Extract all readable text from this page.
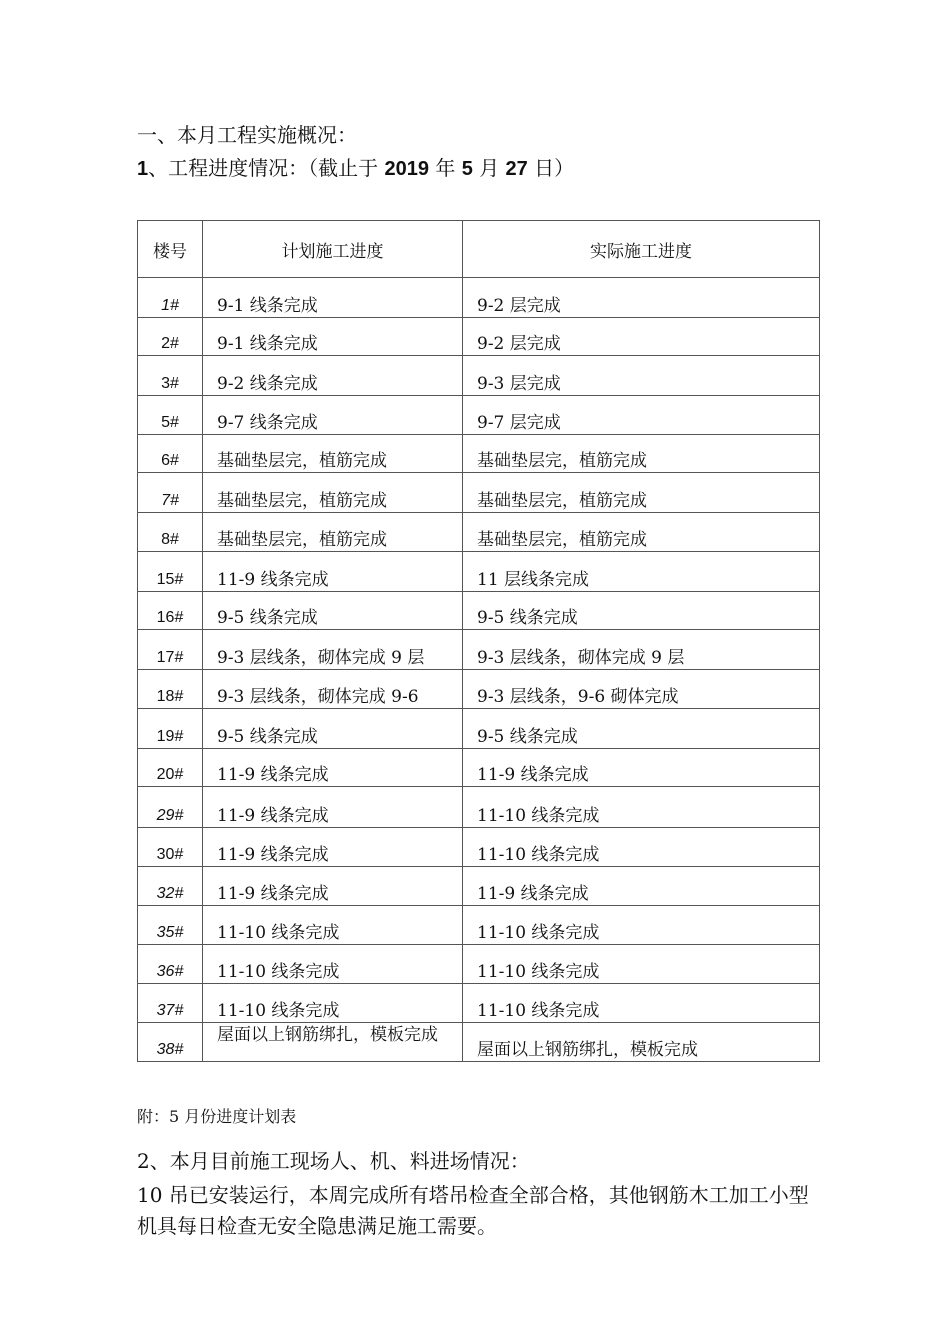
一、本月工程实施概况：
1、工程进度情况：（截止于 2019 年 5 月 27 日）
楼号	计划施工进度	实际施工进度

1#	9-1 线条完成	9-2 层完成

2#	9-1 线条完成	9-2 层完成

3#	9-2 线条完成	9-3 层完成

5#	9-7 线条完成	9-7 层完成

6#	基础垫层完，植筋完成	基础垫层完，植筋完成

7#	基础垫层完，植筋完成	基础垫层完，植筋完成

8#	基础垫层完，植筋完成	基础垫层完，植筋完成

15#	11-9 线条完成	11 层线条完成

16#	9-5 线条完成	9-5 线条完成

17#	9-3 层线条，砌体完成 9 层	9-3 层线条，砌体完成 9 层

18#	9-3 层线条，砌体完成 9-6	9-3 层线条，9-6 砌体完成

19#	9-5 线条完成	9-5 线条完成

20#	11-9 线条完成	11-9 线条完成

29#	11-9 线条完成	11-10 线条完成

30#	11-9 线条完成	11-10 线条完成

32#	11-9 线条完成	11-9 线条完成

35#	11-10 线条完成	11-10 线条完成

36#	11-10 线条完成	11-10 线条完成

37#	11-10 线条完成	11-10 线条完成

38#	屋面以上钢筋绑扎，模板完成	屋面以上钢筋绑扎，模板完成
附：5 月份进度计划表
2、本月目前施工现场人、机、料进场情况：
10 吊已安装运行，本周完成所有塔吊检查全部合格，其他钢筋木工加工小型机具每日检查无安全隐患满足施工需要。
